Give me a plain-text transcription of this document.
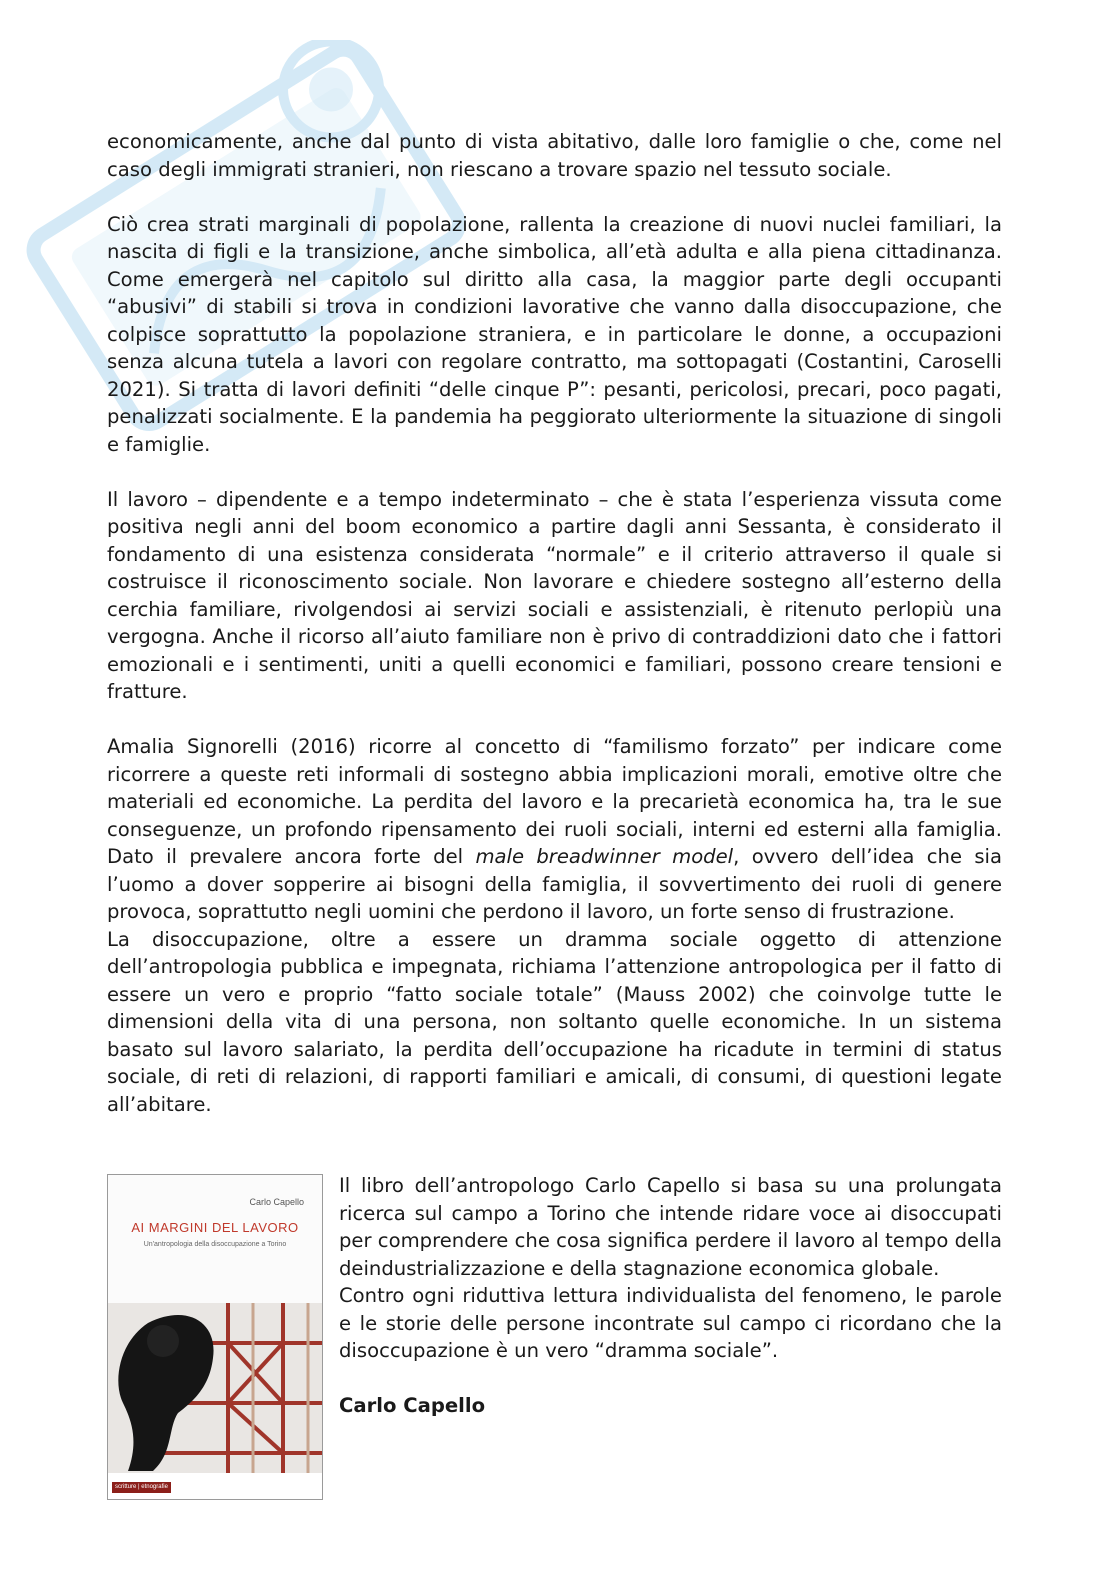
economicamente, anche dal punto di vista abitativo, dalle loro famiglie o che, come nel caso degli immigrati stranieri, non riescano a trovare spazio nel tessuto sociale.

Ciò crea strati marginali di popolazione, rallenta la creazione di nuovi nuclei familiari, la nascita di figli e la transizione, anche simbolica, all’età adulta e alla piena cittadinanza. Come emergerà nel capitolo sul diritto alla casa, la maggior parte degli occupanti “abusivi” di stabili si trova in condizioni lavorative che vanno dalla disoccupazione, che colpisce soprattutto la popolazione straniera, e in particolare le donne, a occupazioni senza alcuna tutela a lavori con regolare contratto, ma sottopagati (Costantini, Caroselli 2021). Si tratta di lavori definiti “delle cinque P”: pesanti, pericolosi, precari, poco pagati, penalizzati socialmente. E la pandemia ha peggiorato ulteriormente la situazione di singoli e famiglie.

Il lavoro – dipendente e a tempo indeterminato – che è stata l’esperienza vissuta come positiva negli anni del boom economico a partire dagli anni Sessanta, è considerato il fondamento di una esistenza considerata “normale” e il criterio attraverso il quale si costruisce il riconoscimento sociale. Non lavorare e chiedere sostegno all’esterno della cerchia familiare, rivolgendosi ai servizi sociali e assistenziali, è ritenuto perlopiù una vergogna. Anche il ricorso all’aiuto familiare non è privo di contraddizioni dato che i fattori emozionali e i sentimenti, uniti a quelli economici e familiari, possono creare tensioni e fratture.

Amalia Signorelli (2016) ricorre al concetto di “familismo forzato” per indicare come ricorrere a queste reti informali di sostegno abbia implicazioni morali, emotive oltre che materiali ed economiche. La perdita del lavoro e la precarietà economica ha, tra le sue conseguenze, un profondo ripensamento dei ruoli sociali, interni ed esterni alla famiglia. Dato il prevalere ancora forte del male breadwinner model, ovvero dell’idea che sia l’uomo a dover sopperire ai bisogni della famiglia, il sovvertimento dei ruoli di genere provoca, soprattutto negli uomini che perdono il lavoro, un forte senso di frustrazione.

La disoccupazione, oltre a essere un dramma sociale oggetto di attenzione dell’antropologia pubblica e impegnata, richiama l’attenzione antropologica per il fatto di essere un vero e proprio “fatto sociale totale” (Mauss 2002) che coinvolge tutte le dimensioni della vita di una persona, non soltanto quelle economiche. In un sistema basato sul lavoro salariato, la perdita dell’occupazione ha ricadute in termini di status sociale, di reti di relazioni, di rapporti familiari e amicali, di consumi, di questioni legate all’abitare.

Carlo Capello
AI MARGINI DEL LAVORO
Un'antropologia della disoccupazione a Torino
scritture | etnografie

Il libro dell’antropologo Carlo Capello si basa su una prolungata ricerca sul campo a Torino che intende ridare voce ai disoccupati per comprendere che cosa significa perdere il lavoro al tempo della deindustrializzazione e della stagnazione economica globale.

Contro ogni riduttiva lettura individualista del fenomeno, le parole e le storie delle persone incontrate sul campo ci ricordano che la disoccupazione è un vero “dramma sociale”.

Carlo Capello
